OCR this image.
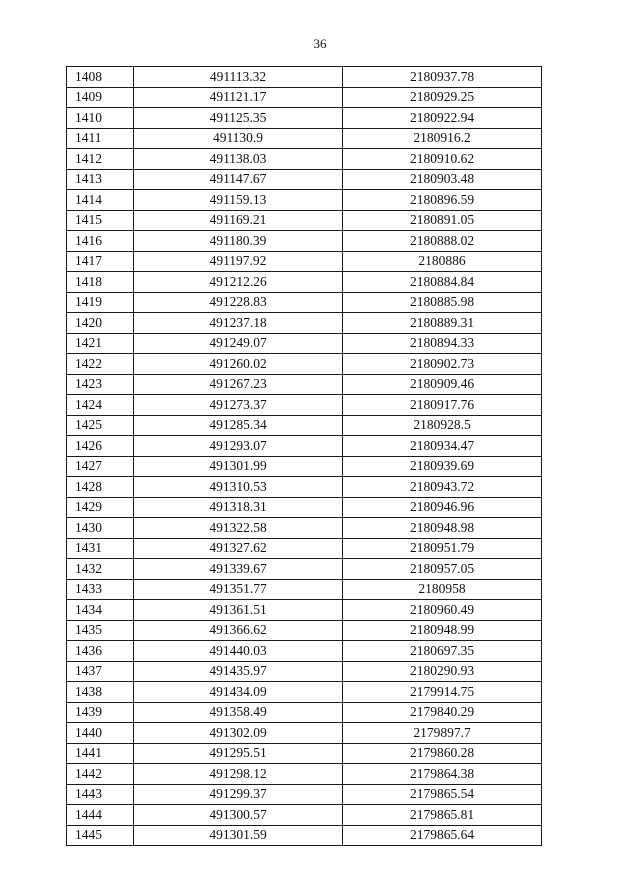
36
1408	491113.32	2180937.78
1409	491121.17	2180929.25
1410	491125.35	2180922.94
1411	491130.9	2180916.2
1412	491138.03	2180910.62
1413	491147.67	2180903.48
1414	491159.13	2180896.59
1415	491169.21	2180891.05
1416	491180.39	2180888.02
1417	491197.92	2180886
1418	491212.26	2180884.84
1419	491228.83	2180885.98
1420	491237.18	2180889.31
1421	491249.07	2180894.33
1422	491260.02	2180902.73
1423	491267.23	2180909.46
1424	491273.37	2180917.76
1425	491285.34	2180928.5
1426	491293.07	2180934.47
1427	491301.99	2180939.69
1428	491310.53	2180943.72
1429	491318.31	2180946.96
1430	491322.58	2180948.98
1431	491327.62	2180951.79
1432	491339.67	2180957.05
1433	491351.77	2180958
1434	491361.51	2180960.49
1435	491366.62	2180948.99
1436	491440.03	2180697.35
1437	491435.97	2180290.93
1438	491434.09	2179914.75
1439	491358.49	2179840.29
1440	491302.09	2179897.7
1441	491295.51	2179860.28
1442	491298.12	2179864.38
1443	491299.37	2179865.54
1444	491300.57	2179865.81
1445	491301.59	2179865.64
